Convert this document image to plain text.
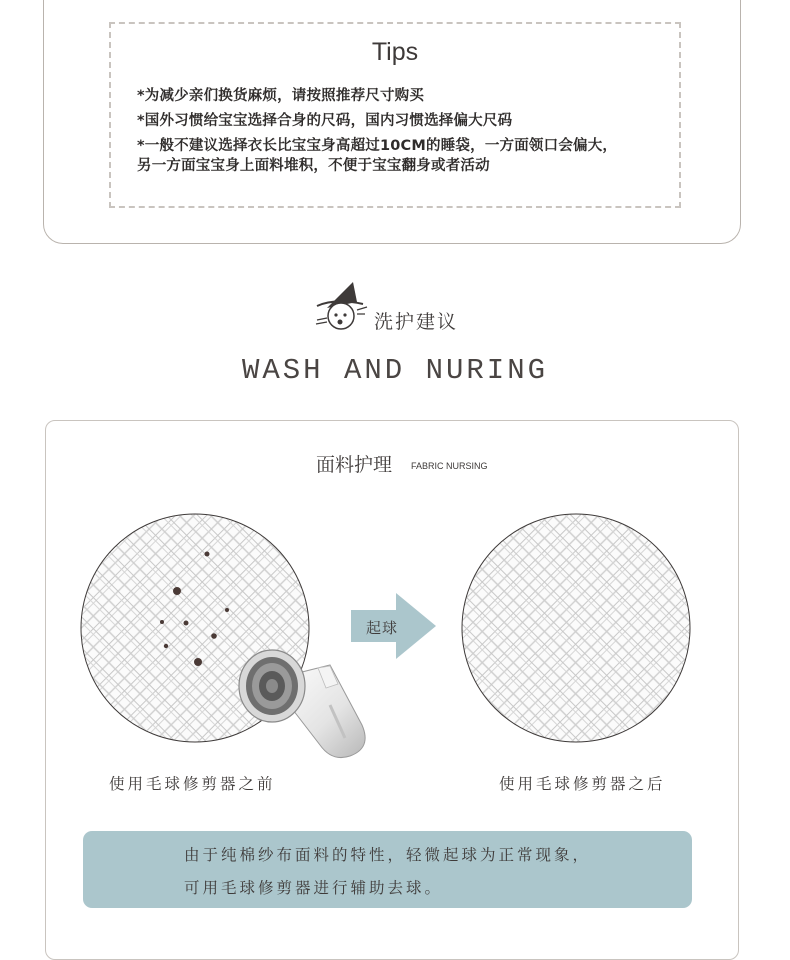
Tips
*为减少亲们换货麻烦，请按照推荐尺寸购买
*国外习惯给宝宝选择合身的尺码，国内习惯选择偏大尺码
*一般不建议选择衣长比宝宝身高超过10CM的睡袋，一方面领口会偏大，
另一方面宝宝身上面料堆积，不便于宝宝翻身或者活动
洗护建议
WASH AND NURING
面料护理 FABRIC NURSING
起球
使用毛球修剪器之前	使用毛球修剪器之后
由于纯棉纱布面料的特性，轻微起球为正常现象，
可用毛球修剪器进行辅助去球。
